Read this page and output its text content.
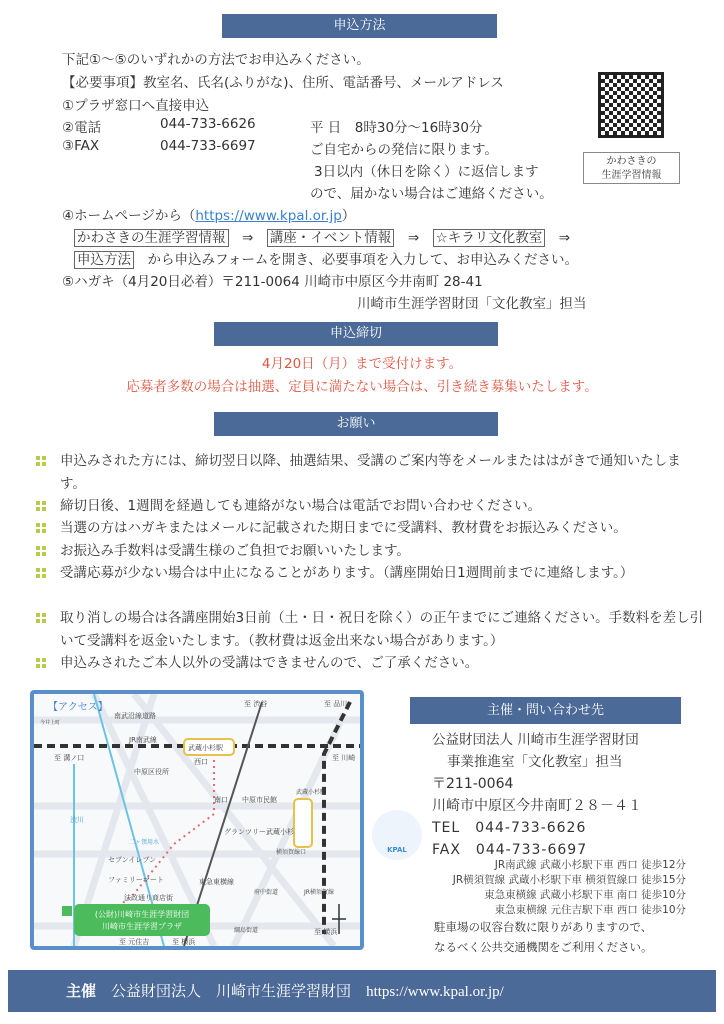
申込方法
下記①～⑤のいずれかの方法でお申込みください。
【必要事項】教室名、氏名(ふりがな)、住所、電話番号、メールアドレス
①プラザ窓口へ直接申込
②電話	044-733-6626	平 日　8時30分～16時30分
③FAX	044-733-6697	ご自宅からの発信に限ります。
3日以内（休日を除く）に返信します
ので、届かない場合はご連絡ください。
かわさきの
生涯学習情報
④ホームページから（https://www.kpal.or.jp）
かわさきの生涯学習情報　 ⇒　 講座・イベント情報　 ⇒　 ☆キラリ文化教室　 ⇒
申込方法　 から申込みフォームを開き、必要事項を入力して、お申込みください。
⑤ハガキ（4月20日必着）〒211-0064 川崎市中原区今井南町 28-41
川崎市生涯学習財団「文化教室」担当
申込締切
4月20日（月）まで受付けます。
応募者多数の場合は抽選、定員に満たない場合は、引き続き募集いたします。
お願い
申込みされた方には、締切翌日以降、抽選結果、受講のご案内等をメールまたははがきで通知いたします。
締切日後、1週間を経過しても連絡がない場合は電話でお問い合わせください。
当選の方はハガキまたはメールに記載された期日までに受講料、教材費をお振込みください。
お振込み手数料は受講生様のご負担でお願いいたします。
受講応募が少ない場合は中止になることがあります。（講座開始日1週間前までに連絡します。）
取り消しの場合は各講座開始3日前（土・日・祝日を除く）の正午までにご連絡ください。手数料を差し引いて受講料を返金いたします。（教材費は返金出来ない場合があります。）
申込みされたご本人以外の受講はできませんので、ご了承ください。
(公財)川崎市生涯学習財団
川崎市生涯学習プラザ
【アクセス】
南武沿線道路
JR南武線
至 溝ノ口
至 渋谷	至 品川
至 川崎
武蔵小杉駅
西口
南口
東急東横線
中原区役所
中原市民館
武蔵小杉駅
横須賀線口
JR横須賀線
法政通り商店街
綱島街道
府中街道
二ヶ領用水
セブンイレブン
ファミリーマート
グランツリー武蔵小杉
至 元住吉	至 横浜
至 横浜
渋川
今井上町
主催・問い合わせ先
公益財団法人 川崎市生涯学習財団
事業推進室「文化教室」担当
〒211-0064
川崎市中原区今井南町２８－４１
TEL　044-733-6626
FAX　044-733-6697
KPAL
JR南武線 武蔵小杉駅下車 西口 徒歩12分
JR横須賀線 武蔵小杉駅下車 横須賀線口 徒歩15分
東急東横線 武蔵小杉駅下車 南口 徒歩10分
東急東横線 元住吉駅下車 西口 徒歩10分
駐車場の収容台数に限りがありますので、
なるべく公共交通機関をご利用ください。
主催　 公益財団法人　川崎市生涯学習財団　 https://www.kpal.or.jp/
